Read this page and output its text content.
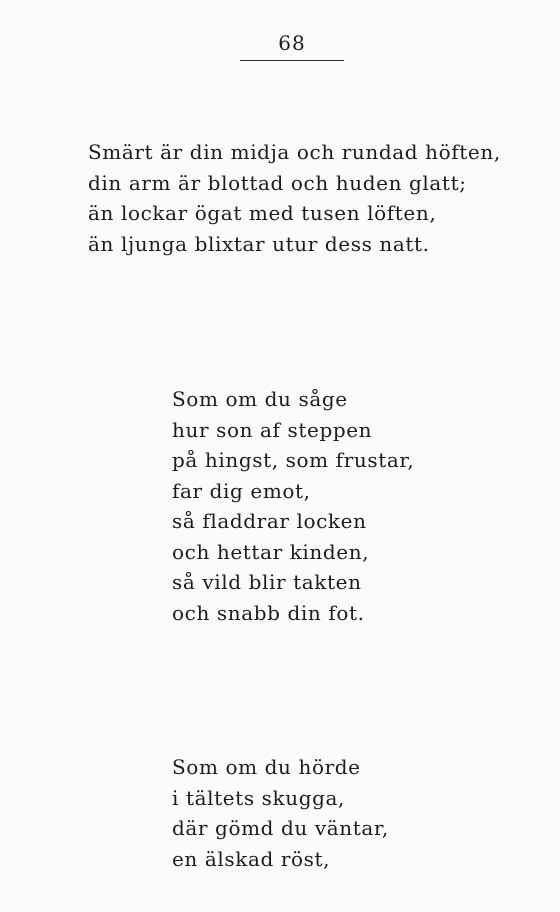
68
Smärt är din midja och rundad höften,
din arm är blottad och huden glatt;
än lockar ögat med tusen löften,
än ljunga blixtar utur dess natt.
Som om du såge
hur son af steppen
på hingst, som frustar,
far dig emot,
så fladdrar locken
och hettar kinden,
så vild blir takten
och snabb din fot.
Som om du hörde
i tältets skugga,
där gömd du väntar,
en älskad röst,
